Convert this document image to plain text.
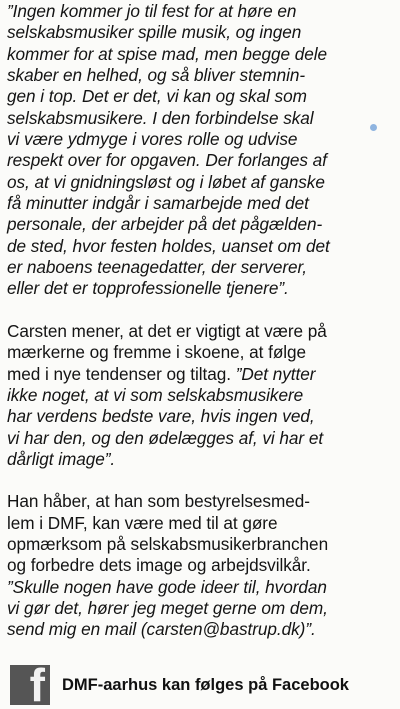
”Ingen kommer jo til fest for at høre en
selskabsmusiker spille musik, og ingen
kommer for at spise mad, men begge dele
skaber en helhed, og så bliver stemnin-
gen i top. Det er det, vi kan og skal som
selskabsmusikere. I den forbindelse skal
vi være ydmyge i vores rolle og udvise
respekt over for opgaven. Der forlanges af
os, at vi gnidningsløst og i løbet af ganske
få minutter indgår i samarbejde med det
personale, der arbejder på det pågælden-
de sted, hvor festen holdes, uanset om det
er naboens teenagedatter, der serverer,
eller det er topprofessionelle tjenere”.

Carsten mener, at det er vigtigt at være på
mærkerne og fremme i skoene, at følge
med i nye tendenser og tiltag. ”Det nytter
ikke noget, at vi som selskabsmusikere
har verdens bedste vare, hvis ingen ved,
vi har den, og den ødelægges af, vi har et
dårligt image”.

Han håber, at han som bestyrelsesmed-
lem i DMF, kan være med til at gøre
opmærksom på selskabsmusikerbranchen
og forbedre dets image og arbejdsvilkår.
”Skulle nogen have gode ideer til, hvordan
vi gør det, hører jeg meget gerne om dem,
send mig en mail (carsten@bastrup.dk)”.

f DMF-aarhus kan følges på Facebook
